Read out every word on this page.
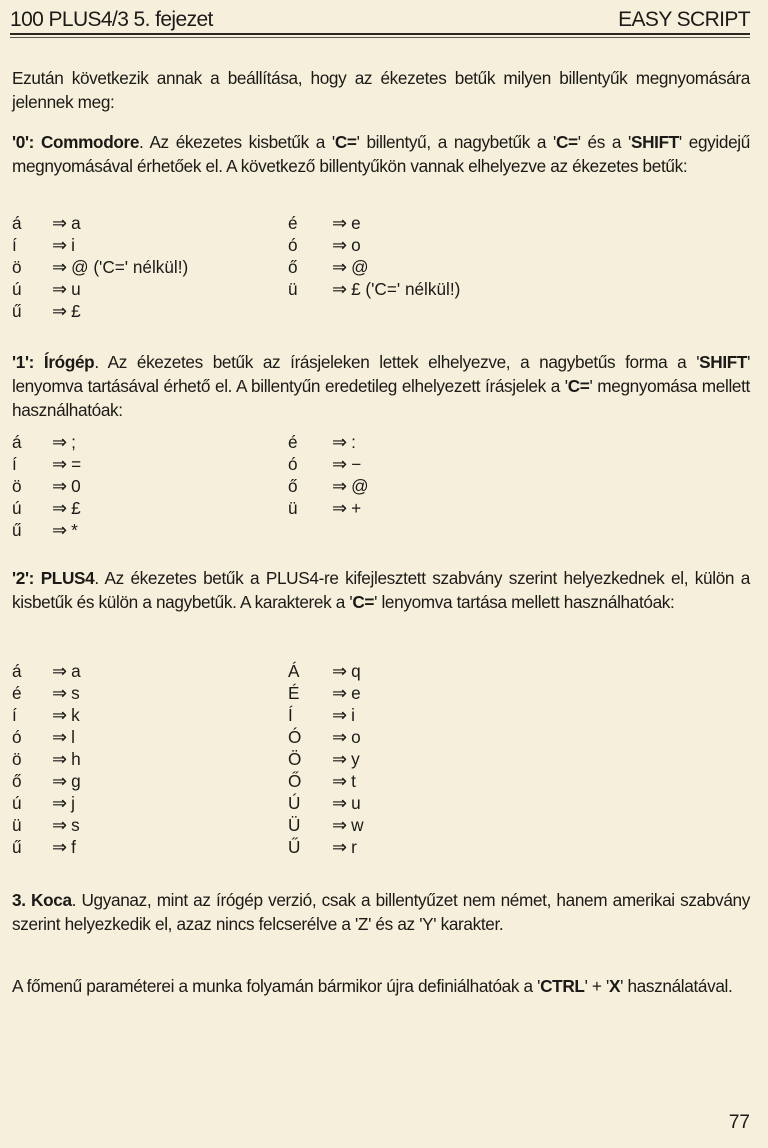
100 PLUS4/3 5. fejezet	EASY SCRIPT
Ezután következik annak a beállítása, hogy az ékezetes betűk milyen billentyűk megnyomására jelennek meg:
'0': Commodore. Az ékezetes kisbetűk a 'C=' billentyű, a nagybetűk a 'C=' és a 'SHIFT' egyidejű megnyomásával érhetőek el. A következő billentyűkön vannak elhelyezve az ékezetes betűk:
á ⇒ a	é ⇒ e
í ⇒ i	ó ⇒ o
ö ⇒ @ ('C=' nélkül!)	ő ⇒ @
ú ⇒ u	ü ⇒ £ ('C=' nélkül!)
ű ⇒ £
'1': Írógép. Az ékezetes betűk az írásjeleken lettek elhelyezve, a nagybetűs forma a 'SHIFT' lenyomva tartásával érhető el. A billentyűn eredetileg elhelyezett írásjelek a 'C=' megnyomása mellett használhatóak:
á ⇒ ;	é ⇒ :
í ⇒ =	ó ⇒ −
ö ⇒ 0	ő ⇒ @
ú ⇒ £	ü ⇒ +
ű ⇒ *
'2': PLUS4. Az ékezetes betűk a PLUS4-re kifejlesztett szabvány szerint helyezkednek el, külön a kisbetűk és külön a nagybetűk. A karakterek a 'C=' lenyomva tartása mellett használhatóak:
á ⇒ a	Á ⇒ q
é ⇒ s	É ⇒ e
í ⇒ k	Í ⇒ i
ó ⇒ l	Ó ⇒ o
ö ⇒ h	Ö ⇒ y
ő ⇒ g	Ő ⇒ t
ú ⇒ j	Ú ⇒ u
ü ⇒ s	Ü ⇒ w
ű ⇒ f	Ű ⇒ r
3. Koca. Ugyanaz, mint az írógép verzió, csak a billentyűzet nem német, hanem amerikai szabvány szerint helyezkedik el, azaz nincs felcserélve a 'Z' és az 'Y' karakter.
A főmenű paraméterei a munka folyamán bármikor újra definiálhatóak a 'CTRL' + 'X' használatával.
77
